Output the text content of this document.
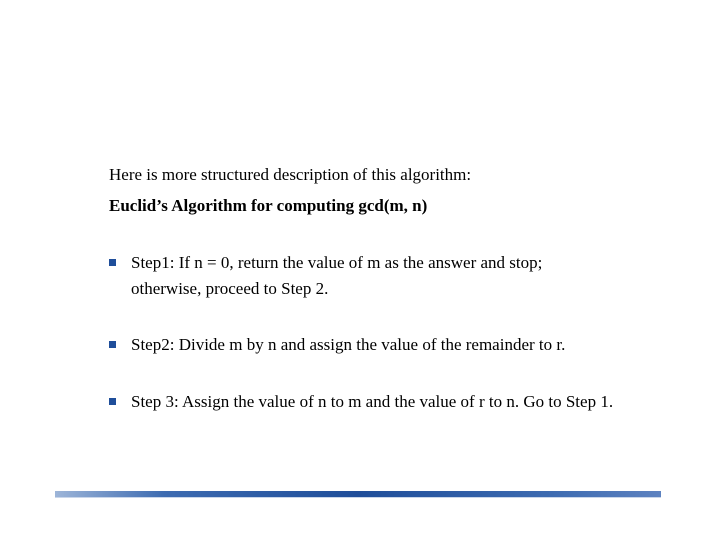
Here is more structured description of this algorithm:
Euclid’s Algorithm for computing gcd(m, n)
Step1: If n = 0, return the value of m as the answer and stop;
otherwise, proceed to Step 2.
Step2: Divide m by n and assign the value of the remainder to r.
Step 3: Assign the value of n to m and the value of r to n. Go to Step 1.
